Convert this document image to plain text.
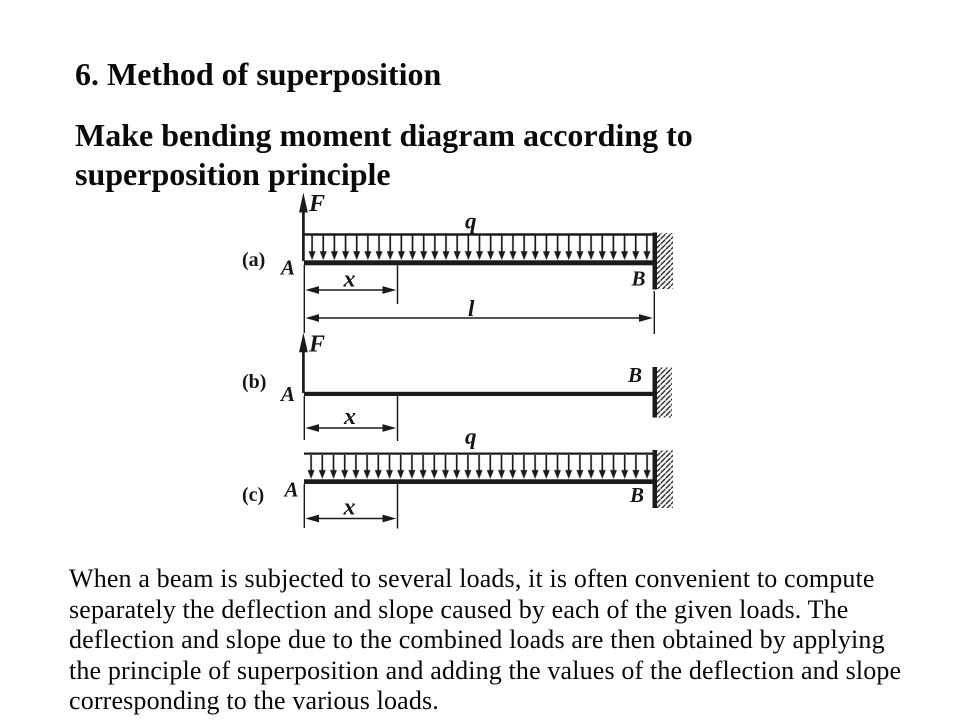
6. Method of superposition
Make bending moment diagram according to
superposition principle
(a)
F
q
A	B
x
l
(b)
F
A
B
x
(c)
q
A	B
x
When a beam is subjected to several loads, it is often convenient to compute
separately the deflection and slope caused by each of the given loads. The
deflection and slope due to the combined loads are then obtained by applying
the principle of superposition and adding the values of the deflection and slope
corresponding to the various loads.
